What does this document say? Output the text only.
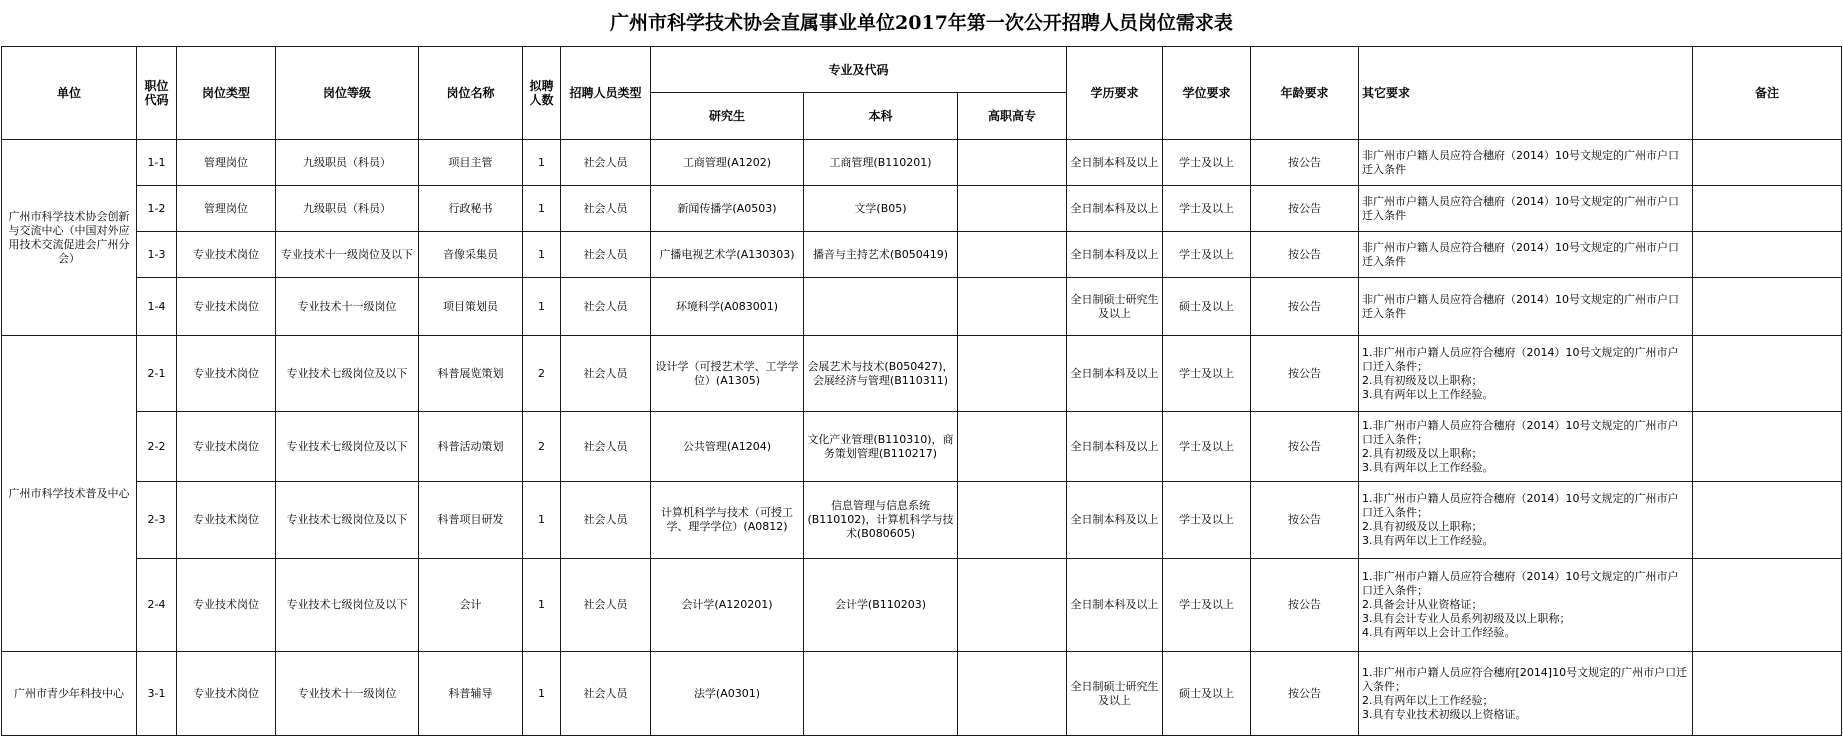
广州市科学技术协会直属事业单位2017年第一次公开招聘人员岗位需求表
单位	职位代码	岗位类型	岗位等级	岗位名称	拟聘人数	招聘人员类型	专业及代码			学历要求	学位要求	年龄要求	其它要求	备注
							研究生	本科	高职高专					
广州市科学技术协会创新与交流中心（中国对外应用技术交流促进会广州分会）	1-1	管理岗位	九级职员（科员）	项目主管	1	社会人员	工商管理(A1202)	工商管理(B110201)		全日制本科及以上	学士及以上	按公告	非广州市户籍人员应符合穗府（2014）10号文规定的广州市户口迁入条件	

	1-2	管理岗位	九级职员（科员）	行政秘书	1	社会人员	新闻传播学(A0503)	文学(B05)		全日制本科及以上	学士及以上	按公告	非广州市户籍人员应符合穗府（2014）10号文规定的广州市户口迁入条件	

	1-3	专业技术岗位	专业技术十一级岗位及以下	音像采集员	1	社会人员	广播电视艺术学(A130303)	播音与主持艺术(B050419)		全日制本科及以上	学士及以上	按公告	非广州市户籍人员应符合穗府（2014）10号文规定的广州市户口迁入条件	

	1-4	专业技术岗位	专业技术十一级岗位	项目策划员	1	社会人员	环境科学(A083001)			全日制硕士研究生及以上	硕士及以上	按公告	非广州市户籍人员应符合穗府（2014）10号文规定的广州市户口迁入条件	

广州市科学技术普及中心	2-1	专业技术岗位	专业技术七级岗位及以下	科普展览策划	2	社会人员	设计学（可授艺术学、工学学位）(A1305)	会展艺术与技术(B050427)，会展经济与管理(B110311)		全日制本科及以上	学士及以上	按公告	1.非广州市户籍人员应符合穗府（2014）10号文规定的广州市户口迁入条件；
2.具有初级及以上职称；
3.具有两年以上工作经验。	

	2-2	专业技术岗位	专业技术七级岗位及以下	科普活动策划	2	社会人员	公共管理(A1204)	文化产业管理(B110310)，商务策划管理(B110217)		全日制本科及以上	学士及以上	按公告	1.非广州市户籍人员应符合穗府（2014）10号文规定的广州市户口迁入条件；
2.具有初级及以上职称；
3.具有两年以上工作经验。	

	2-3	专业技术岗位	专业技术七级岗位及以下	科普项目研发	1	社会人员	计算机科学与技术（可授工学、理学学位）(A0812)	信息管理与信息系统(B110102)，计算机科学与技术(B080605)		全日制本科及以上	学士及以上	按公告	1.非广州市户籍人员应符合穗府（2014）10号文规定的广州市户口迁入条件；
2.具有初级及以上职称；
3.具有两年以上工作经验。	

	2-4	专业技术岗位	专业技术七级岗位及以下	会计	1	社会人员	会计学(A120201)	会计学(B110203)		全日制本科及以上	学士及以上	按公告	1.非广州市户籍人员应符合穗府（2014）10号文规定的广州市户口迁入条件；
2.具备会计从业资格证；
3.具有会计专业人员系列初级及以上职称；
4.具有两年以上会计工作经验。	

广州市青少年科技中心	3-1	专业技术岗位	专业技术十一级岗位	科普辅导	1	社会人员	法学(A0301)			全日制硕士研究生及以上	硕士及以上	按公告	1.非广州市户籍人员应符合穗府[2014]10号文规定的广州市户口迁入条件；
2.具有两年以上工作经验；
3.具有专业技术初级以上资格证。	
